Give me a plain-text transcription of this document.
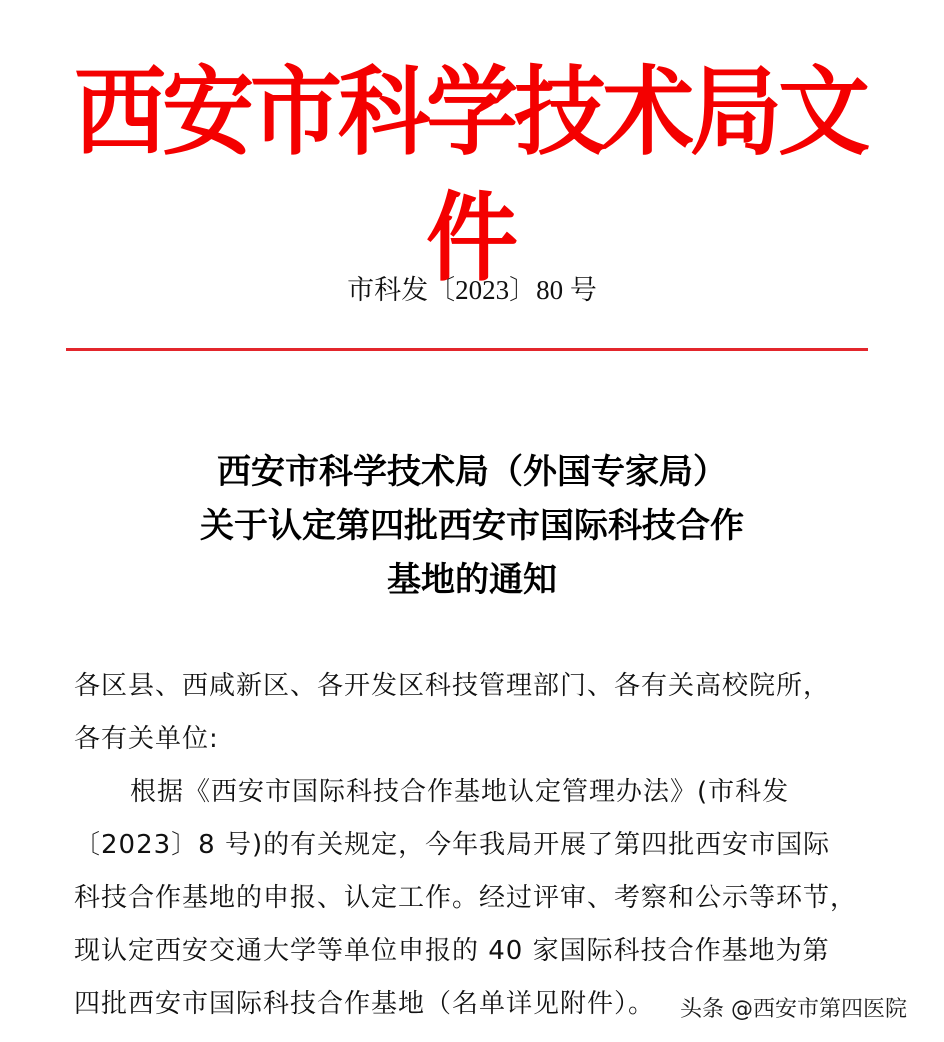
西安市科学技术局文件
市科发〔2023〕80 号
西安市科学技术局（外国专家局）
关于认定第四批西安市国际科技合作
基地的通知
各区县、西咸新区、各开发区科技管理部门、各有关高校院所，
各有关单位:
根据《西安市国际科技合作基地认定管理办法》(市科发
〔2023〕8 号)的有关规定，今年我局开展了第四批西安市国际
科技合作基地的申报、认定工作。经过评审、考察和公示等环节，
现认定西安交通大学等单位申报的 40 家国际科技合作基地为第
四批西安市国际科技合作基地（名单详见附件）。	头条 @西安市第四医院
